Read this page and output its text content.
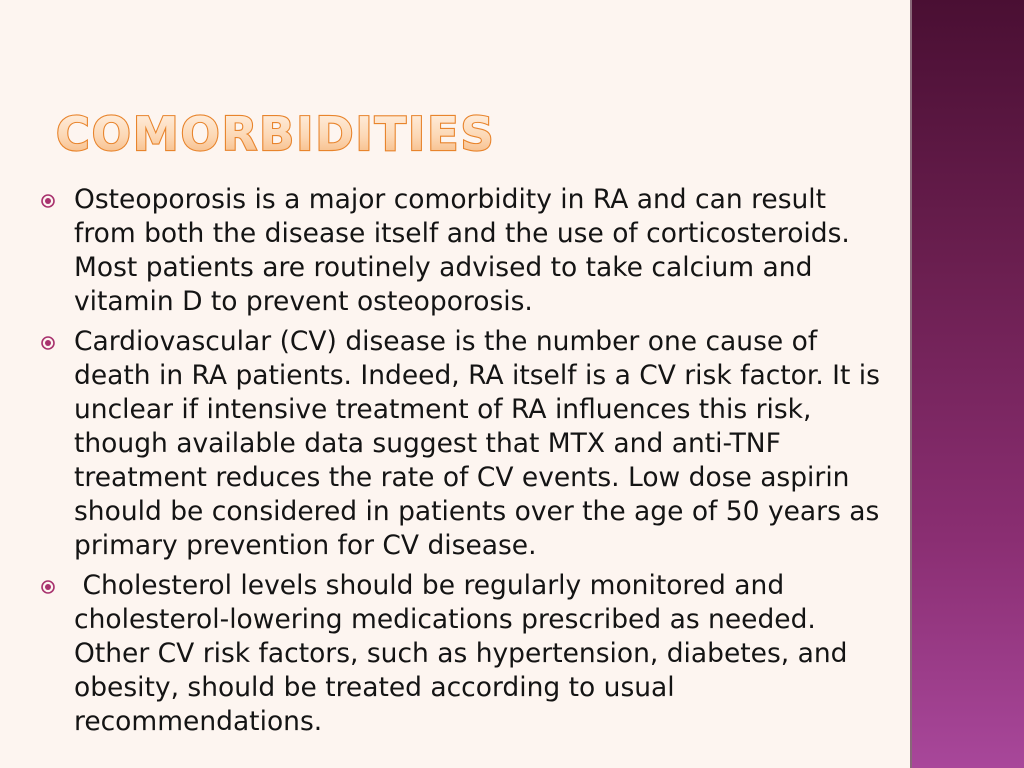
COMORBIDITIES
Osteoporosis is a major comorbidity in RA and can result from both the disease itself and the use of corticosteroids. Most patients are routinely advised to take calcium and vitamin D to prevent osteoporosis.
Cardiovascular (CV) disease is the number one cause of death in RA patients. Indeed, RA itself is a CV risk factor. It is unclear if intensive treatment of RA influences this risk, though available data suggest that MTX and anti-TNF treatment reduces the rate of CV events. Low dose aspirin should be considered in patients over the age of 50 years as primary prevention for CV disease.
Cholesterol levels should be regularly monitored and cholesterol-lowering medications prescribed as needed. Other CV risk factors, such as hypertension, diabetes, and obesity, should be treated according to usual recommendations.
